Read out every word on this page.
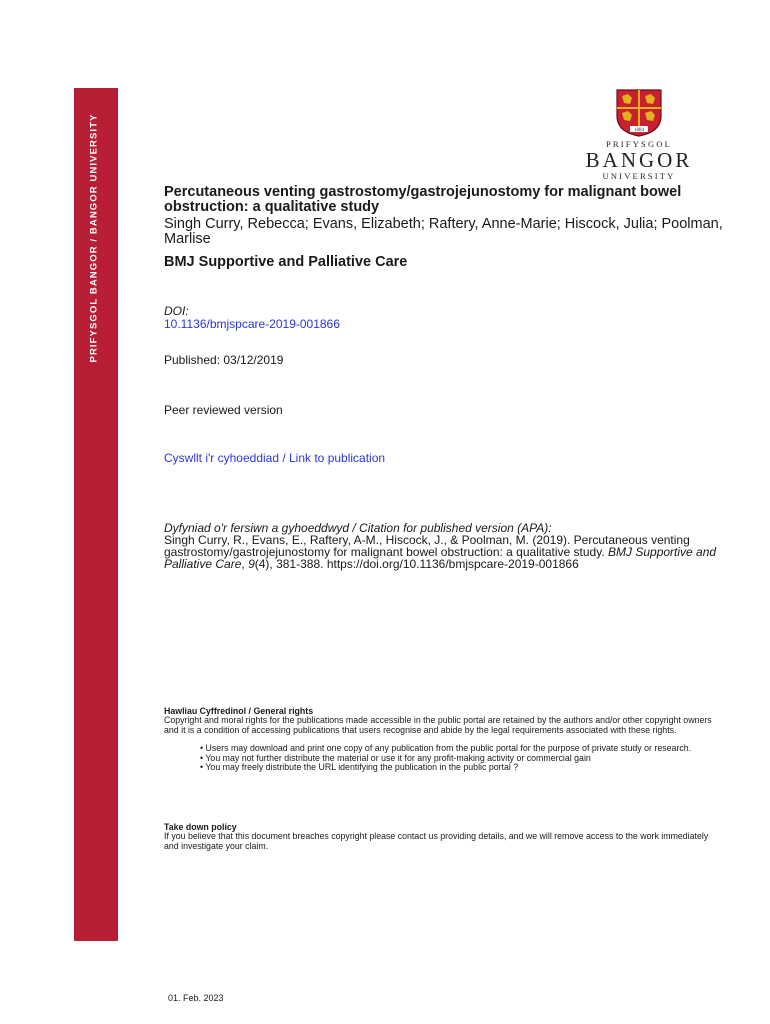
PRIFYSGOL BANGOR / BANGOR UNIVERSITY	1884
PRIFYSGOL
BANGOR
UNIVERSITY
Percutaneous venting gastrostomy/gastrojejunostomy for malignant bowel obstruction: a qualitative study
Singh Curry, Rebecca; Evans, Elizabeth; Raftery, Anne-Marie; Hiscock, Julia; Poolman, Marlise
BMJ Supportive and Palliative Care
DOI:
10.1136/bmjspcare-2019-001866
Published: 03/12/2019
Peer reviewed version
Cyswllt i'r cyhoeddiad / Link to publication
Dyfyniad o'r fersiwn a gyhoeddwyd / Citation for published version (APA):
Singh Curry, R., Evans, E., Raftery, A-M., Hiscock, J., & Poolman, M. (2019). Percutaneous venting gastrostomy/gastrojejunostomy for malignant bowel obstruction: a qualitative study. BMJ Supportive and Palliative Care, 9(4), 381-388. https://doi.org/10.1136/bmjspcare-2019-001866
Hawliau Cyffredinol / General rights
Copyright and moral rights for the publications made accessible in the public portal are retained by the authors and/or other copyright owners and it is a condition of accessing publications that users recognise and abide by the legal requirements associated with these rights.
• Users may download and print one copy of any publication from the public portal for the purpose of private study or research.
• You may not further distribute the material or use it for any profit-making activity or commercial gain
• You may freely distribute the URL identifying the publication in the public portal ?
Take down policy
If you believe that this document breaches copyright please contact us providing details, and we will remove access to the work immediately and investigate your claim.
01. Feb. 2023
